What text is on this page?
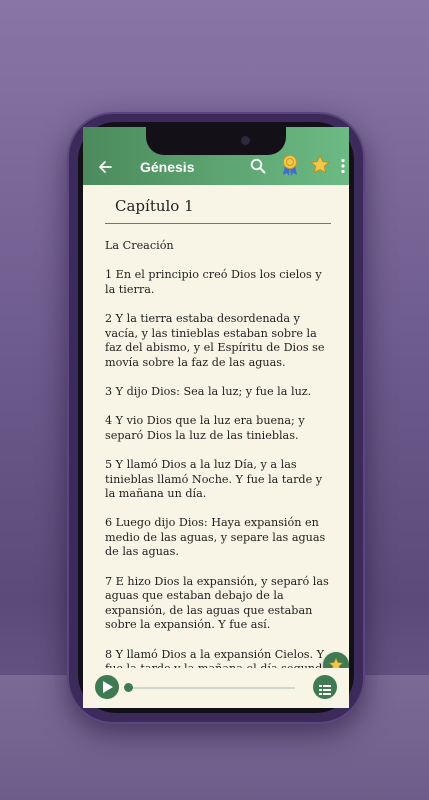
Génesis
Capítulo 1

La Creación

1 En el principio creó Dios los cielos y la tierra.

2 Y la tierra estaba desordenada y vacía, y las tinieblas estaban sobre la faz del abismo, y el Espíritu de Dios se movía sobre la faz de las aguas.

3 Y dijo Dios: Sea la luz; y fue la luz.

4 Y vio Dios que la luz era buena; y separó Dios la luz de las tinieblas.

5 Y llamó Dios a la luz Día, y a las tinieblas llamó Noche. Y fue la tarde y la mañana un día.

6 Luego dijo Dios: Haya expansión en medio de las aguas, y separe las aguas de las aguas.

7 E hizo Dios la expansión, y separó las aguas que estaban debajo de la expansión, de las aguas que estaban sobre la expansión. Y fue así.

8 Y llamó Dios a la expansión Cielos. Y
